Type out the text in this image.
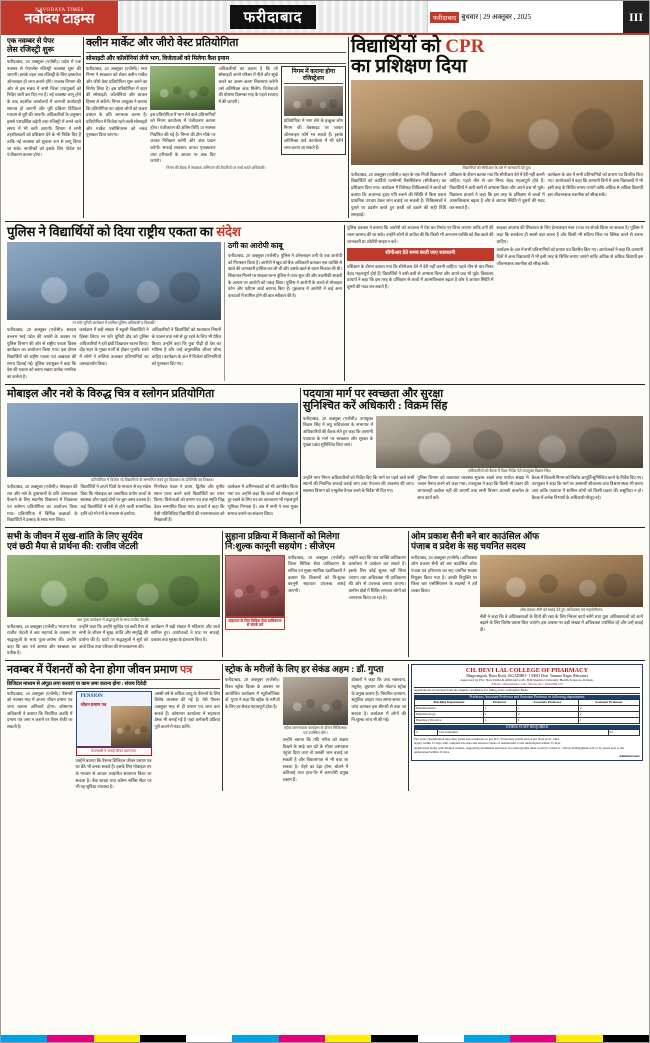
NAVODAYA TIMES
नवोदय टाइम्स	फरीदाबाद	फरीदाबाद बुधवार | 29 अक्तूबर , 2025	III
एक नवम्बर से पेपर
लेस रजिस्ट्री शुरू
फरीदाबाद, 28 अक्तूबर (एजेंसी)। प्रदेश में एक नवम्बर से पेपरलेस रजिस्ट्री व्यवस्था शुरू की जाएगी। इसके तहत अब रजिस्ट्री के लिए दस्तावेज ऑनलाइन ही जमा कराने होंगे। राजस्व विभाग की ओर से इस संबंध में सभी जिला उपायुक्तों को निर्देश जारी कर दिए गए हैं। नई व्यवस्था लागू होने के बाद तहसील कार्यालयों में कागजी कार्यवाही समाप्त हो जाएगी और पूरी प्रक्रिया डिजिटल माध्यम से पूरी की जाएगी। अधिकारियों के अनुसार इससे पारदर्शिता बढ़ेगी तथा रजिस्ट्री में लगने वाले समय में भी कमी आएगी। विभाग ने सभी तहसीलदारों को प्रशिक्षण देने के भी निर्देश दिए हैं ताकि नई व्यवस्था को सुचारू रूप से लागू किया जा सके। नागरिकों को इसके लिए पोर्टल पर पंजीकरण कराना होगा।
क्लीन मार्केट और जीरो वेस्ट प्रतियोगिता
सोसाइटी और कॉलोनियां लेंगी भाग, विजेताओं को मिलेगा कैश इनाम
फरीदाबाद, 28 अक्तूबर (एजेंसी)। नगर निगम ने स्वच्छता को लेकर क्लीन मार्केट और जीरो वेस्ट प्रतियोगिता शुरू करने का निर्णय लिया है। इस प्रतियोगिता में शहर की सोसाइटी, कॉलोनियां और बाजार हिस्सा ले सकेंगे। निगम आयुक्त ने बताया कि प्रतियोगिता का उद्देश्य लोगों को कचरा प्रबंधन के प्रति जागरूक करना है। प्रतियोगिता में विजेता रहने वाली सोसाइटी और मार्केट एसोसिएशन को नकद पुरस्कार दिया जाएगा।
इस प्रतियोगिता में भाग लेने वाले प्रतिभागियों को निगम कार्यालय में पंजीकरण कराना होगा। पंजीकरण की अंतिम तिथि 10 नवम्बर निर्धारित की गई है। निगम की टीम मौके पर जाकर निरीक्षण करेगी और अंक प्रदान करेगी। सफाई व्यवस्था, कचरा पृथक्करण तथा हरियाली के आधार पर अंक दिए जाएंगे।
अधिकारियों का कहना है कि जो सोसाइटी अपने परिसर में गीले और सूखे कचरे का अलग-अलग निस्तारण करेगी उसे अतिरिक्त अंक मिलेंगे। विजेताओं की घोषणा दिसम्बर माह के पहले सप्ताह में की जाएगी।
निगम में कराना होगा रजिस्ट्रेशन
प्रतियोगिता में भाग लेने के इच्छुक लोग निगम की वेबसाइट पर जाकर ऑनलाइन फॉर्म भर सकते हैं। इसके अतिरिक्त वार्ड कार्यालय में भी फॉर्म जमा कराए जा सकते हैं।
निगम की बैठक में स्वच्छता अभियान की तैयारियों पर चर्चा करते अधिकारी।
विद्यार्थियों को CPR
का प्रशिक्षण दिया
विद्यार्थियों को सीपीआर के बारे में जानकारी देते हुए।
फरीदाबाद, 28 अक्तूबर (एजेंसी)। शहर के एक निजी विद्यालय में विद्यार्थियों को कार्डियो पल्मोनरी रिससिटेशन (सीपीआर) का प्रशिक्षण दिया गया। कार्यक्रम में विशेषज्ञ चिकित्सकों ने छात्रों को बताया कि अचानक हृदय गति रुकने की स्थिति में किस प्रकार प्राथमिक उपचार देकर जान बचाई जा सकती है। चिकित्सकों ने पुतले पर प्रदर्शन करते हुए छाती को दबाने की सही विधि समझाई।
प्रशिक्षण के दौरान बताया गया कि सीपीआर देने में देरी नहीं करनी चाहिए। पहले तीन से चार मिनट बेहद महत्वपूर्ण होते हैं। विद्यार्थियों ने बारी-बारी से अभ्यास किया और अपने प्रश्न भी पूछे। विद्यालय प्राचार्य ने कहा कि इस तरह के प्रशिक्षण से बच्चों में आत्मविश्वास बढ़ता है और वे आपात स्थिति में दूसरों की मदद कर सकते हैं।
कार्यक्रम के अंत में सभी प्रतिभागियों को प्रमाण पत्र वितरित किए गए। आयोजकों ने कहा कि आगामी दिनों में अन्य विद्यालयों में भी इसी तरह के शिविर लगाए जाएंगे ताकि अधिक से अधिक विद्यार्थी इस जीवनरक्षक तकनीक को सीख सकें।
पुलिस ने विद्यार्थियों को दिया राष्ट्रीय एकता का संदेश
रन फॉर यूनिटी कार्यक्रम में शामिल पुलिस अधिकारी व विद्यार्थी।
फरीदाबाद, 28 अक्तूबर (एजेंसी)। सरदार वल्लभ भाई पटेल की जयंती के अवसर पर पुलिस विभाग की ओर से राष्ट्रीय एकता दिवस कार्यक्रम का आयोजन किया गया। इस दौरान विद्यार्थियों को राष्ट्रीय एकता एवं अखंडता की शपथ दिलाई गई। पुलिस उपायुक्त ने कहा कि देश की एकता को बनाए रखना प्रत्येक नागरिक का कर्तव्य है।
कार्यक्रम में बड़ी संख्या में स्कूली विद्यार्थियों ने हिस्सा लिया। रन फॉर यूनिटी दौड़ को पुलिस अधिकारियों ने हरी झंडी दिखाकर रवाना किया। दौड़ शहर के मुख्य मार्गों से होकर गुजरी। रास्ते में लोगों ने तालियां बजाकर प्रतिभागियों का उत्साहवर्धन किया।
अधिकारियों ने विद्यार्थियों को यातायात नियमों के पालन तथा नशे से दूर रहने के लिए भी प्रेरित किया। उन्होंने कहा कि युवा पीढ़ी ही देश का भविष्य है और उन्हें अनुशासित जीवन जीना चाहिए। कार्यक्रम के अंत में विजेता प्रतिभागियों को पुरस्कार दिए गए।
ठगी का आरोपी काबू
फरीदाबाद, 28 अक्तूबर (एजेंसी)। पुलिस ने ऑनलाइन ठगी के एक आरोपी को गिरफ्तार किया है। आरोपी ने खुद को बैंक अधिकारी बताकर एक व्यक्ति से खाते की जानकारी हासिल कर ली थी और उसके खाते से रकम निकाल ली थी। शिकायत मिलने पर साइबर थाना पुलिस ने जांच शुरू की और तकनीकी साक्ष्यों के आधार पर आरोपी को पकड़ लिया। पुलिस ने आरोपी के कब्जे से मोबाइल फोन और एटीएम कार्ड बरामद किए हैं। पूछताछ में आरोपी ने कई अन्य वारदातों में शामिल होने की बात स्वीकार की है।
पुलिस प्रवक्ता ने बताया कि आरोपी को अदालत में पेश कर रिमांड पर लिया जाएगा ताकि ठगी की रकम बरामद की जा सके। उन्होंने लोगों से अपील की कि किसी भी अनजान व्यक्ति को बैंक खाते की जानकारी या ओटीपी साझा न करें।
सीपीआर देते समय बरती जाए सावधानी
प्रशिक्षण के दौरान बताया गया कि सीपीआर देने में देरी नहीं करनी चाहिए। पहले तीन से चार मिनट बेहद महत्वपूर्ण होते हैं। विद्यार्थियों ने बारी-बारी से अभ्यास किया और अपने प्रश्न भी पूछे। विद्यालय प्राचार्य ने कहा कि इस तरह के प्रशिक्षण से बच्चों में आत्मविश्वास बढ़ता है और वे आपात स्थिति में दूसरों की मदद कर सकते हैं।
साइबर अपराध की शिकायत के लिए हेल्पलाइन नंबर 1930 पर संपर्क किया जा सकता है। पुलिस ने कहा कि सतर्कता ही सबसे बड़ा बचाव है और किसी भी संदिग्ध लिंक पर क्लिक करने से बचना चाहिए।
कार्यक्रम के अंत में सभी प्रतिभागियों को प्रमाण पत्र वितरित किए गए। आयोजकों ने कहा कि आगामी दिनों में अन्य विद्यालयों में भी इसी तरह के शिविर लगाए जाएंगे ताकि अधिक से अधिक विद्यार्थी इस जीवनरक्षक तकनीक को सीख सकें।
मोबाइल और नशे के विरुद्ध चित्र व स्लोगन प्रतियोगिता
प्रतियोगिता में विजेता रहे विद्यार्थियों को सम्मानित करते हुए विद्यालय के प्रतिनिधि एवं शिक्षक।
फरीदाबाद, 28 अक्तूबर (एजेंसी)। मोबाइल की लत और नशे के दुष्प्रभावों के प्रति जागरूकता फैलाने के लिए स्थानीय विद्यालय में चित्रकला एवं स्लोगन प्रतियोगिता का आयोजन किया गया। प्रतियोगिता में विभिन्न कक्षाओं के विद्यार्थियों ने उत्साह के साथ भाग लिया।
विद्यार्थियों ने अपने चित्रों के माध्यम से यह संदेश दिया कि मोबाइल का अत्यधिक प्रयोग बच्चों के स्वास्थ्य और पढ़ाई दोनों पर बुरा असर डालता है। कई विद्यार्थियों ने नशे से होने वाली सामाजिक हानि को भी रंगों के माध्यम से दर्शाया।
निर्णायक मंडल ने प्रथम, द्वितीय और तृतीय स्थान प्राप्त करने वाले विद्यार्थियों का चयन किया। विजेताओं को प्रमाण पत्र तथा स्मृति चिह्न देकर सम्मानित किया गया। प्राचार्य ने कहा कि ऐसी गतिविधियां विद्यार्थियों की रचनात्मकता को निखारती हैं।
कार्यक्रम में अभिभावकों को भी आमंत्रित किया गया था। उन्होंने कहा कि बच्चों को मोबाइल से दूर रखने के लिए घर का वातावरण भी महत्वपूर्ण भूमिका निभाता है। अंत में सभी ने नशा मुक्त समाज बनाने का संकल्प लिया।
पदयात्रा मार्ग पर स्वच्छता और सुरक्षा
सुनिश्चित करें अधिकारी : विक्रम सिंह
फरीदाबाद, 28 अक्तूबर (एजेंसी)। उपायुक्त विक्रम सिंह ने लघु सचिवालय के सभागार में अधिकारियों की बैठक लेते हुए कहा कि आगामी पदयात्रा के मार्ग पर स्वच्छता और सुरक्षा के पुख्ता प्रबंध सुनिश्चित किए जाएं।
अधिकारियों को बैठक में दिशा-निर्देश देते उपायुक्त विक्रम सिंह।
उन्होंने नगर निगम अधिकारियों को निर्देश दिए कि मार्ग पर पड़ने वाले सभी स्थानों की नियमित सफाई कराई जाए तथा पेयजल की व्यवस्था की जाए। स्वास्थ्य विभाग को एम्बुलेंस तैनात करने के निर्देश भी दिए गए।
पुलिस विभाग को यातायात व्यवस्था सुचारू रखने तथा पर्याप्त संख्या में जवान तैनात करने को कहा गया। उपायुक्त ने कहा कि किसी भी प्रकार की लापरवाही बर्दाश्त नहीं की जाएगी तथा सभी विभाग आपसी तालमेल के साथ कार्य करें।
बैठक में बिजली निगम को निर्बाध आपूर्ति सुनिश्चित करने के निर्देश दिए गए। उपायुक्त ने कहा कि मार्ग पर अस्थायी शौचालय तथा विश्राम स्थल भी बनाए जाएं ताकि पदयात्रा में शामिल लोगों को किसी प्रकार की असुविधा न हो। बैठक में अनेक विभागों के अधिकारी मौजूद रहे।
सभी के जीवन में सुख-शांति के लिए सूर्यदेव
एवं छठी मैया से प्रार्थना की: राजीव जेटली
छठ पूजा कार्यक्रम में श्रद्धालुओं के साथ राजीव जेटली।
फरीदाबाद, 28 अक्तूबर (एजेंसी)। भाजपा नेता राजीव जेटली ने छठ महापर्व के अवसर पर श्रद्धालुओं के साथ पूजा-अर्चना की। उन्होंने कहा कि छठ पर्व आस्था और स्वच्छता का प्रतीक है।
उन्होंने कहा कि उन्होंने सूर्यदेव एवं छठी मैया से सभी के जीवन में सुख, शांति और समृद्धि की प्रार्थना की है। घाटों पर श्रद्धालुओं ने सूर्य को अर्घ्य दिया तथा परिवार की मंगलकामना की।
कार्यक्रम में बड़ी संख्या में महिलाएं और बच्चे शामिल हुए। आयोजकों ने घाट पर सफाई, प्रकाश तथा सुरक्षा के इंतजाम किए थे।
सुहाना प्रक्रिया में किसानों को मिलेगा
नि:शुल्क कानूनी सहयोग : सीजेएम
सहायता के लिए विधिक सेवा प्राधिकरण से संपर्क करें
फरीदाबाद, 28 अक्तूबर (एजेंसी)। जिला विधिक सेवा प्राधिकरण के सचिव एवं मुख्य न्यायिक दंडाधिकारी ने बताया कि किसानों को नि:शुल्क कानूनी सहायता उपलब्ध कराई जाएगी।
उन्होंने कहा कि पात्र व्यक्ति प्राधिकरण कार्यालय में आवेदन कर सकते हैं। इसके लिए कोई शुल्क नहीं लिया जाएगा तथा अधिवक्ता भी प्राधिकरण की ओर से उपलब्ध कराया जाएगा। ग्रामीण क्षेत्रों में शिविर लगाकर लोगों को जागरूक किया जा रहा है।
ओम प्रकाश सैनी बने बार काउंसिल ऑफ
पंजाब व प्रदेश के सह चयनित सदस्य
फरीदाबाद, 28 अक्तूबर (एजेंसी)। अधिवक्ता ओम प्रकाश सैनी को बार काउंसिल ऑफ पंजाब एवं हरियाणा का सह चयनित सदस्य नियुक्त किया गया है। उनकी नियुक्ति पर जिला बार एसोसिएशन के सदस्यों ने हर्ष व्यक्त किया।
ओम प्रकाश सैनी को बधाई देते हुए अधिवक्ता एवं सहयोगीगण।
सैनी ने कहा कि वे अधिवक्ताओं के हितों की रक्षा के लिए निरंतर कार्य करेंगे तथा युवा अधिवक्ताओं को आगे बढ़ाने के लिए विशेष प्रयास किए जाएंगे। इस अवसर पर बड़ी संख्या में अधिवक्ता उपस्थित रहे और उन्हें बधाई दी।
नवम्बर में पेंशनरों को देना होगा जीवन प्रमाण पत्र
डिजिटल माध्यम से अंगूठा लगा करवाएं या काम जमा कराना होगा : संजय दिवेदी
फरीदाबाद, 28 अक्तूबर (एजेंसी)। पेंशनरों को नवम्बर माह में अपना जीवन प्रमाण पत्र जमा कराना अनिवार्य होगा। कोषागार अधिकारी ने बताया कि निर्धारित अवधि में प्रमाण पत्र जमा न कराने पर पेंशन रोकी जा सकती है।
PENSION
जीवन प्रमाण पत्र
पेंशनधारी ने जमाई जीवन प्रमाणपत्र
उन्होंने बताया कि पेंशनर डिजिटल जीवन प्रमाण पत्र घर बैठे भी बनवा सकते हैं। इसके लिए मोबाइल एप के माध्यम से आधार आधारित सत्यापन किया जा सकता है। बैंक शाखा तथा कॉमन सर्विस सेंटर पर भी यह सुविधा उपलब्ध है।
अस्सी वर्ष से अधिक आयु के पेंशनरों के लिए विशेष व्यवस्था की गई है। ऐसे पेंशनर अक्तूबर माह से ही प्रमाण पत्र जमा करा सकते हैं। कोषागार कार्यालय में सहायता डेस्क भी बनाई गई है जहां कर्मचारी प्रक्रिया पूरी कराने में मदद करेंगे।
स्ट्रोक के मरीजों के लिए हर सेकंड अहम : डॉ. गुप्ता
फरीदाबाद, 28 अक्तूबर (एजेंसी)। विश्व स्ट्रोक दिवस के अवसर पर आयोजित कार्यक्रम में न्यूरोलॉजिस्ट डॉ. गुप्ता ने कहा कि स्ट्रोक के मरीजों के लिए हर सेकंड महत्वपूर्ण होता है।
स्ट्रोक जागरूकता कार्यक्रम के दौरान चिकित्सक एवं उपस्थित लोग।
उन्होंने बताया कि यदि मरीज को लक्षण दिखने के साढ़े चार घंटे के भीतर अस्पताल पहुंचा दिया जाए तो उसकी जान बचाई जा सकती है और विकलांगता से भी बचा जा सकता है। चेहरे का टेढ़ा होना, बोलने में कठिनाई तथा हाथ-पैर में कमजोरी प्रमुख लक्षण हैं।
डॉक्टरों ने कहा कि उच्च रक्तचाप, मधुमेह, धूम्रपान और मोटापा स्ट्रोक के प्रमुख कारण हैं। नियमित व्यायाम, संतुलित आहार तथा समय-समय पर जांच कराकर इस बीमारी से बचा जा सकता है। कार्यक्रम में लोगों की नि:शुल्क जांच भी की गई।
CH. DEVI LAL COLLEGE OF PHARMACY
Bhagwangarh, Buria Road, JAGADHRI - 135003 Distt. Yamuna Nagar (Haryana)
Approved by PCI, New Delhi & Affiliated to Pt. B.D.Sharma University Health Sciences, Rohtak.
Email: cdlinstitutes.com • Phone No.: 8222966123
Applications are invited from the eligible candidates for filling posts on Regular Basis.
Professor, Associate Professor and Assistant Professor in following departments
Teaching Department	Professor	Associate Professor	Assistant Professor
Pharmaceutics	1	1	2
Pharmacology	1	2	2
Pharmacy Practice	1	1	1
OTHER STAFF REQUIRED
1.	Lab Attendant	02
Pay scale, Qualification and other terms and conditions as per PCI / University norms and as per State Govt. rules.
Apply within 15 days with complete bio-data and attested copies of testimonials to the undersigned within 15 days.
Application along with detailed resume, supporting documents and latest two photographs must reach by e-mail at : cdlcop.2020@gmail.com or by speed post to the undersigned within 15 days.
Administrator
